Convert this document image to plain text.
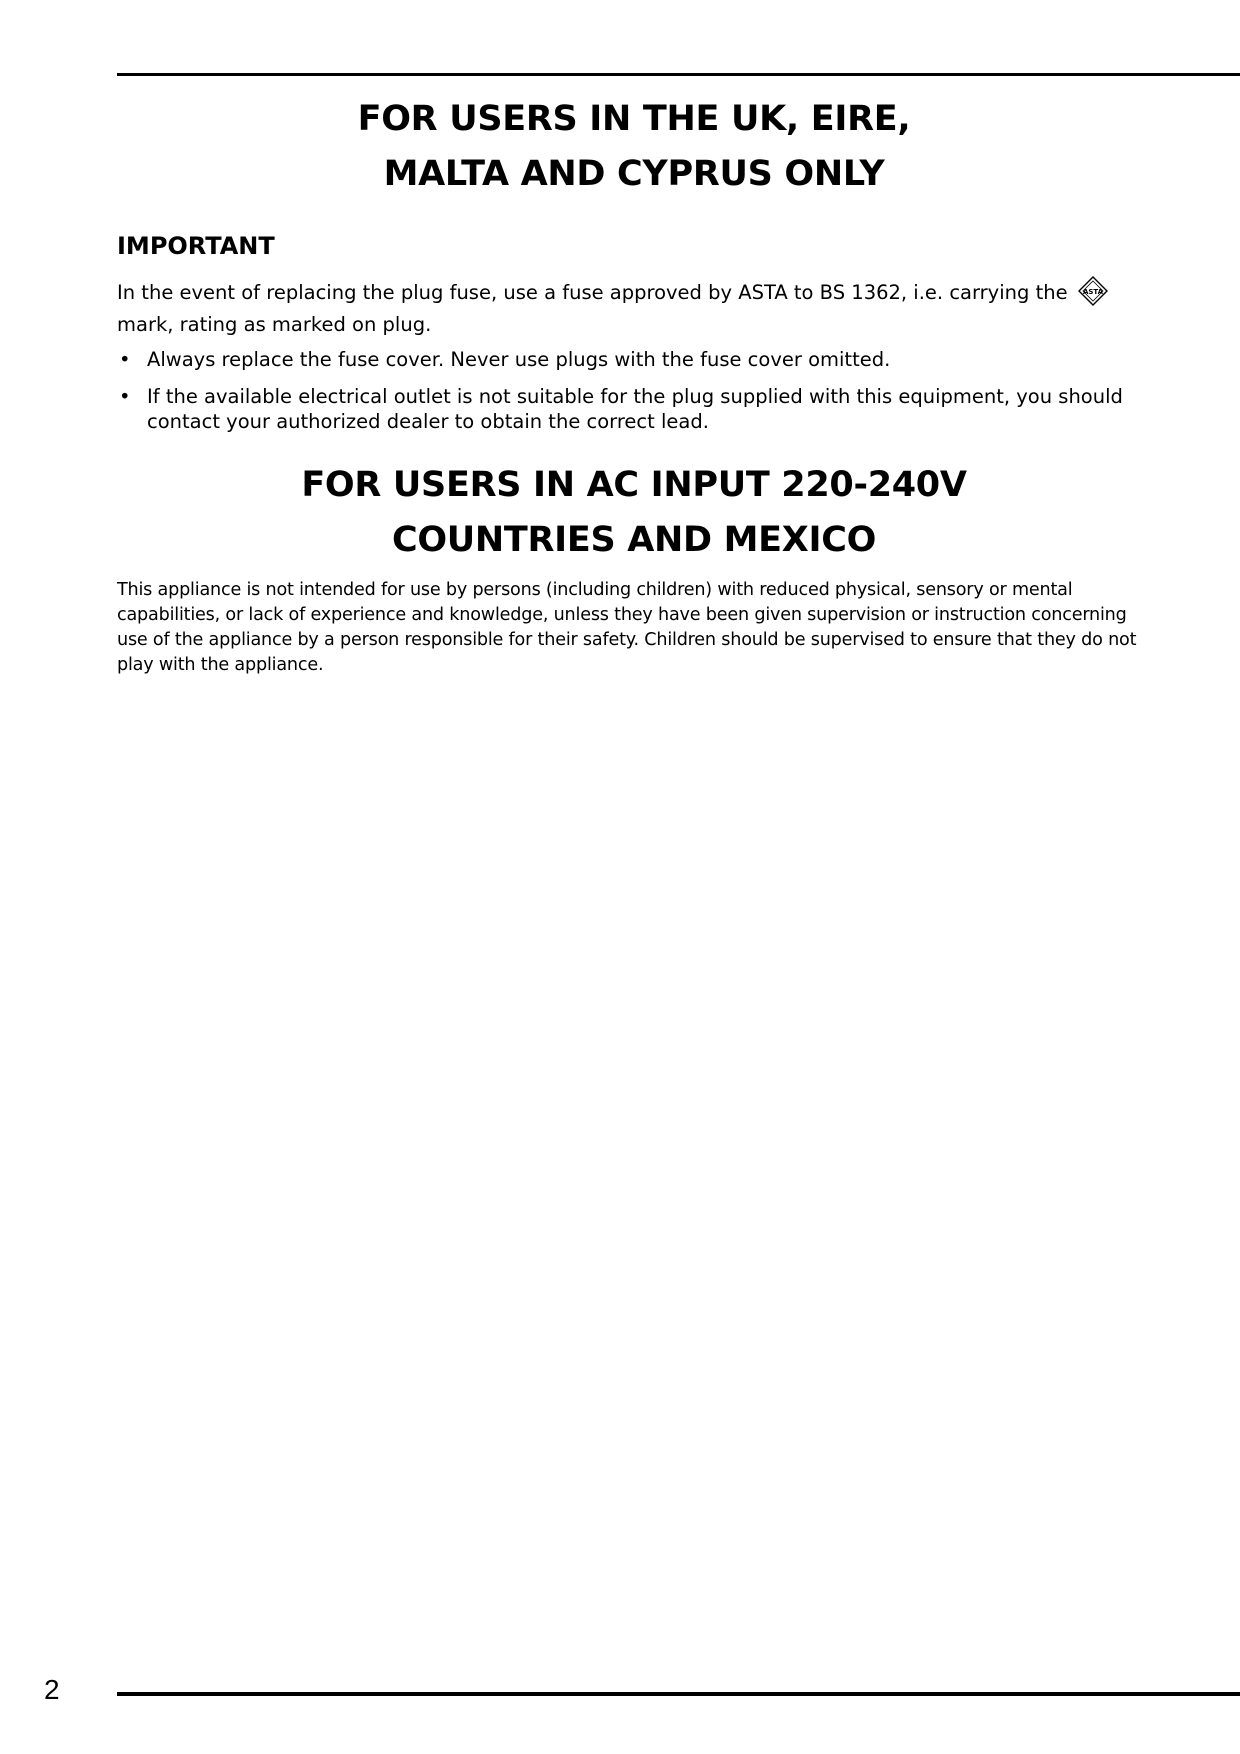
FOR USERS IN THE UK, EIRE,
MALTA AND CYPRUS ONLY
IMPORTANT

In the event of replacing the plug fuse, use a fuse approved by ASTA to BS 1362, i.e. carrying the ASTA

mark, rating as marked on plug.

• Always replace the fuse cover. Never use plugs with the fuse cover omitted.
• If the available electrical outlet is not suitable for the plug supplied with this equipment, you should contact your authorized dealer to obtain the correct lead.
FOR USERS IN AC INPUT 220-240V
COUNTRIES AND MEXICO

This appliance is not intended for use by persons (including children) with reduced physical, sensory or mental capabilities, or lack of experience and knowledge, unless they have been given supervision or instruction concerning use of the appliance by a person responsible for their safety. Children should be supervised to ensure that they do not play with the appliance.

2
